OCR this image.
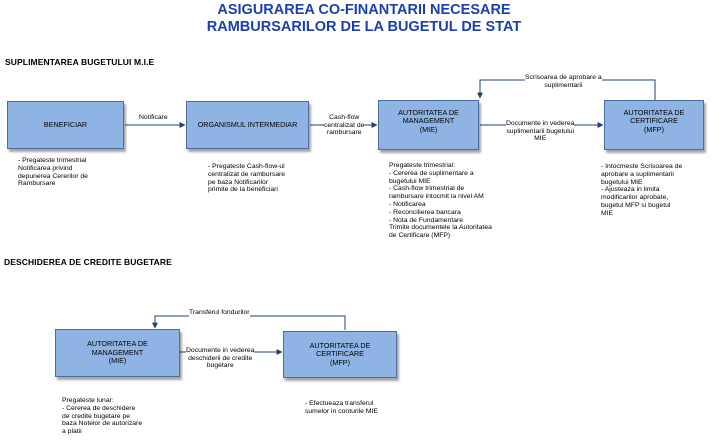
ASIGURAREA CO-FINANTARII NECESARE
RAMBURSARILOR DE LA BUGETUL DE STAT
SUPLIMENTAREA BUGETULUI M.I.E
BENEFICIAR	ORGANISMUL INTERMEDIAR
AUTORITATEA DE
MANAGEMENT
(MIE)
AUTORITATEA DE
CERTIFICARE
(MFP)
Notificare	Cash-flow
centralizat de
rambursare
Documente in vederea
suplimentarii bugetului
MIE
Scrisoarea de aprobare a
suplimentarii
- Pregateste trimestrial
Notificarea privind
depunerea Cererilor de
Rambursare
- Pregateste Cash-flow-ul
centralizat de rambursare
pe baza Notificarilor
primite de la beneficiari
Pregateste trimestrial:
- Cererea de suplimentare a
bugetului MIE
- Cash-flow trimestrial de
rambursare intocmit la nivel AM
- Notificarea
- Reconcilierea bancara
- Nota de Fundamentare
Trimite documentele la Autoritatea
de Certificare (MFP)
- Intocmeste Scrisoarea de
aprobare a suplimentarii
bugetului MIE
- Ajusteaza in limita
modificarilor aprobate,
bugetul MFP si bugetul
MIE
DESCHIDEREA DE CREDITE BUGETARE
AUTORITATEA DE
MANAGEMENT
(MIE)
AUTORITATEA DE
CERTIFICARE
(MFP)
Documente in vederea
deschiderii de credite
bugetare
Transferul fondurilor
Pregateste lunar:
- Cererea de deschidere
de credite bugetare pe
baza Notelor de autorizare
a platii
- Efectueaza transferul
sumelor in conturile MIE
